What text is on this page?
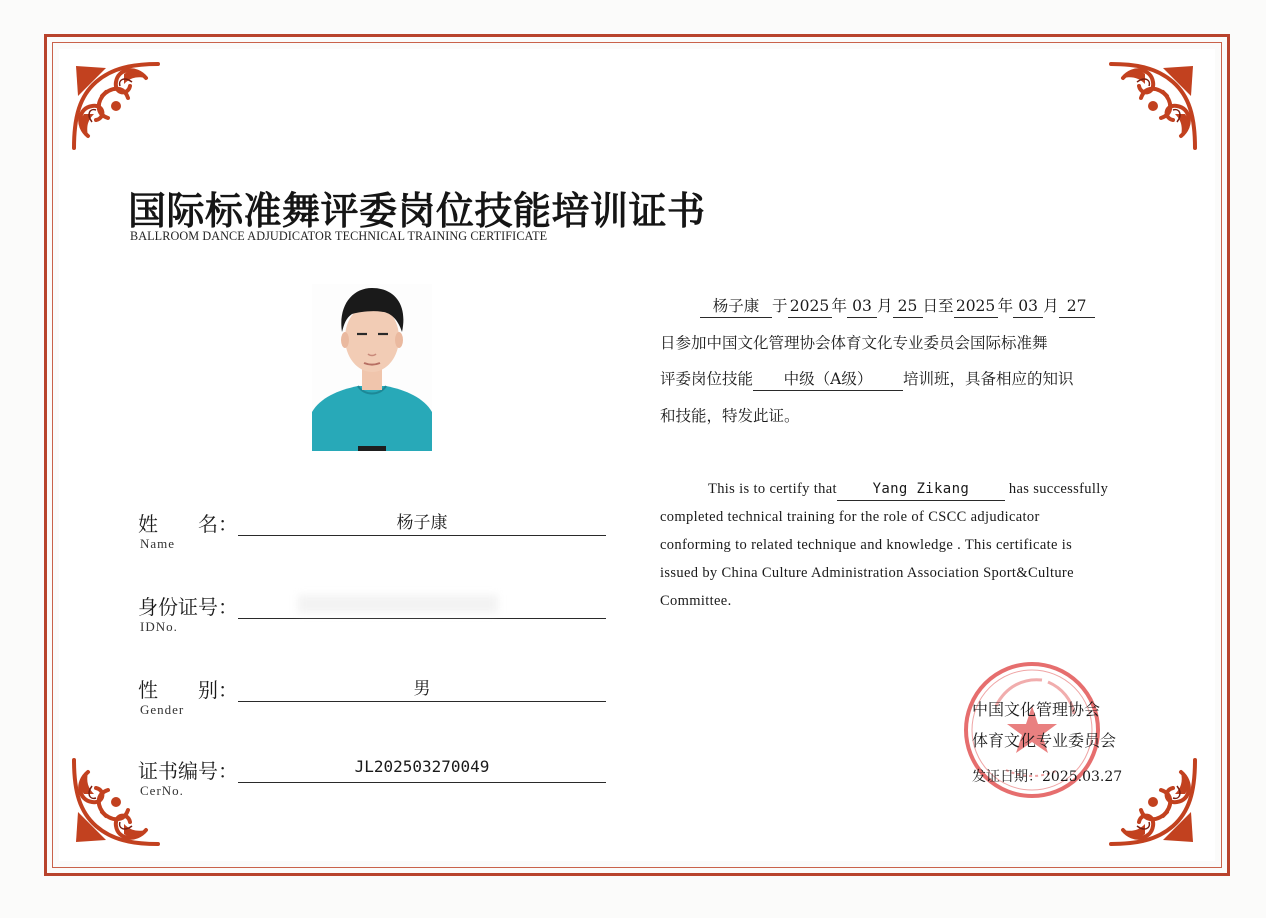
国际标准舞评委岗位技能培训证书
BALLROOM DANCE ADJUDICATOR TECHNICAL TRAINING CERTIFICATE
姓　　名：
Name
杨子康
身份证号：
IDNo.
性　　别：
Gender
男
证书编号：
CerNo.
JL202503270049
杨子康 于 2025 年 03 月 25 日至 2025 年 03 月 27
日参加中国文化管理协会体育文化专业委员会国际标准舞
评委岗位技能 中级（A级） 培训班，具备相应的知识
和技能，特发此证。
This is to certify that	Yang Zikang	has successfully
completed technical training for the role of CSCC adjudicator
conforming to related technique and knowledge . This certificate is
issued by China Culture Administration Association Sport&Culture
Committee.
中国文化管理协会
体育文化专业委员会
发证日期：2025.03.27
